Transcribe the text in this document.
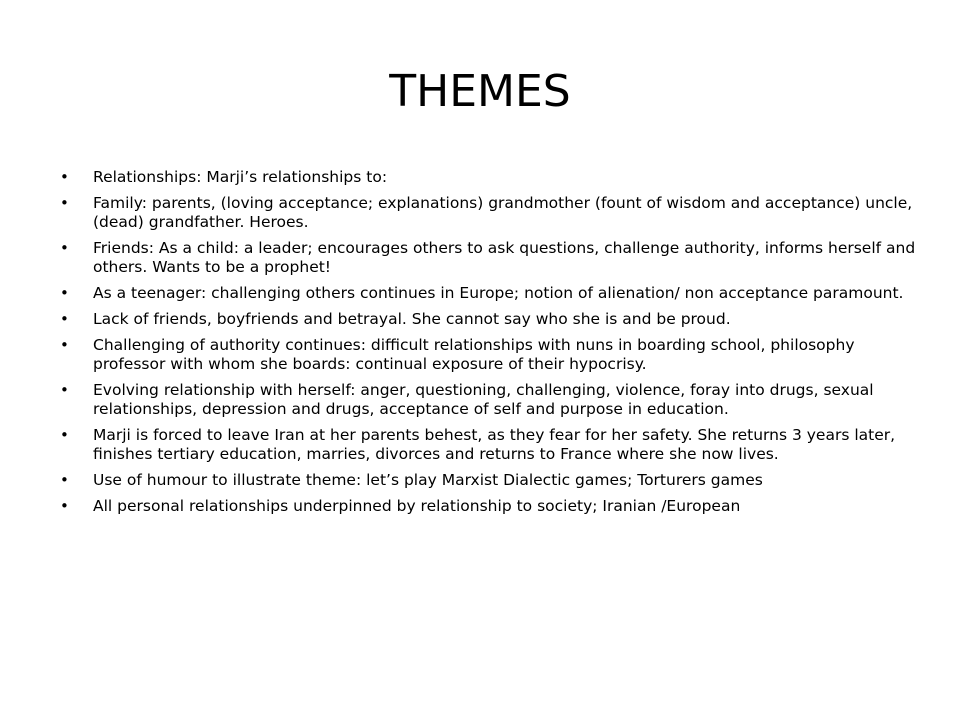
THEMES
• Relationships: Marji’s relationships to:
• Family: parents, (loving acceptance; explanations) grandmother (fount of wisdom and acceptance) uncle, (dead) grandfather. Heroes.
• Friends: As a child: a leader; encourages others to ask questions, challenge authority, informs herself and others. Wants to be a prophet!
• As a teenager: challenging others continues in Europe; notion of alienation/ non acceptance paramount.
• Lack of friends, boyfriends and betrayal. She cannot say who she is and be proud.
• Challenging of authority continues: difficult relationships with nuns in boarding school, philosophy professor with whom she boards: continual exposure of their hypocrisy.
• Evolving relationship with herself: anger, questioning, challenging, violence, foray into drugs, sexual relationships, depression and drugs, acceptance of self and purpose in education.
• Marji is forced to leave Iran at her parents behest, as they fear for her safety. She returns 3 years later, finishes tertiary education, marries, divorces and returns to France where she now lives.
• Use of humour to illustrate theme: let’s play Marxist Dialectic games; Torturers games
• All personal relationships underpinned by relationship to society; Iranian /European
